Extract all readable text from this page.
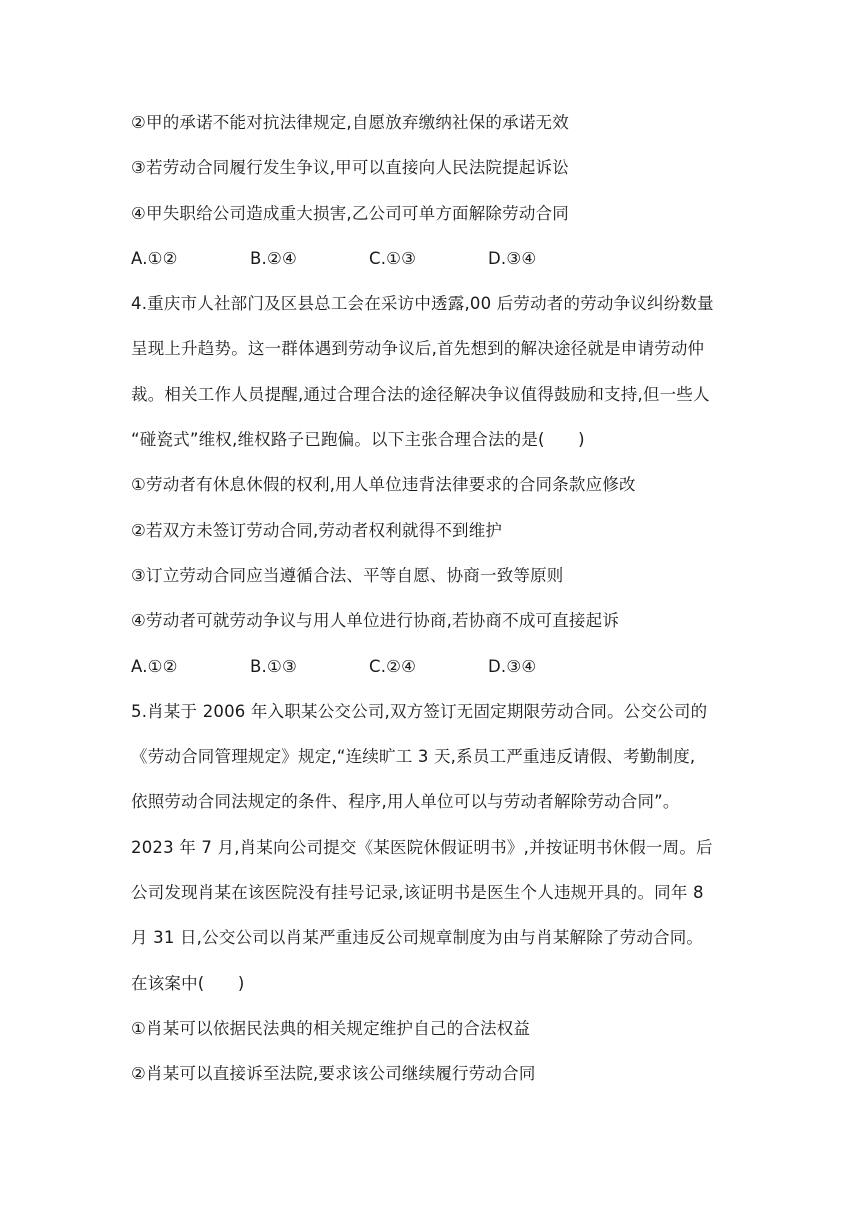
②甲的承诺不能对抗法律规定,自愿放弃缴纳社保的承诺无效
③若劳动合同履行发生争议,甲可以直接向人民法院提起诉讼
④甲失职给公司造成重大损害,乙公司可单方面解除劳动合同
A.①②	B.②④	C.①③	D.③④
4.重庆市人社部门及区县总工会在采访中透露,00 后劳动者的劳动争议纠纷数量
呈现上升趋势。这一群体遇到劳动争议后,首先想到的解决途径就是申请劳动仲
裁。相关工作人员提醒,通过合理合法的途径解决争议值得鼓励和支持,但一些人
“碰瓷式”维权,维权路子已跑偏。以下主张合理合法的是(　　)
①劳动者有休息休假的权利,用人单位违背法律要求的合同条款应修改
②若双方未签订劳动合同,劳动者权利就得不到维护
③订立劳动合同应当遵循合法、平等自愿、协商一致等原则
④劳动者可就劳动争议与用人单位进行协商,若协商不成可直接起诉
A.①②	B.①③	C.②④	D.③④
5.肖某于 2006 年入职某公交公司,双方签订无固定期限劳动合同。公交公司的
《劳动合同管理规定》规定,“连续旷工 3 天,系员工严重违反请假、考勤制度,
依照劳动合同法规定的条件、程序,用人单位可以与劳动者解除劳动合同”。
2023 年 7 月,肖某向公司提交《某医院休假证明书》,并按证明书休假一周。后
公司发现肖某在该医院没有挂号记录,该证明书是医生个人违规开具的。同年 8
月 31 日,公交公司以肖某严重违反公司规章制度为由与肖某解除了劳动合同。
在该案中(　　)
①肖某可以依据民法典的相关规定维护自己的合法权益
②肖某可以直接诉至法院,要求该公司继续履行劳动合同
